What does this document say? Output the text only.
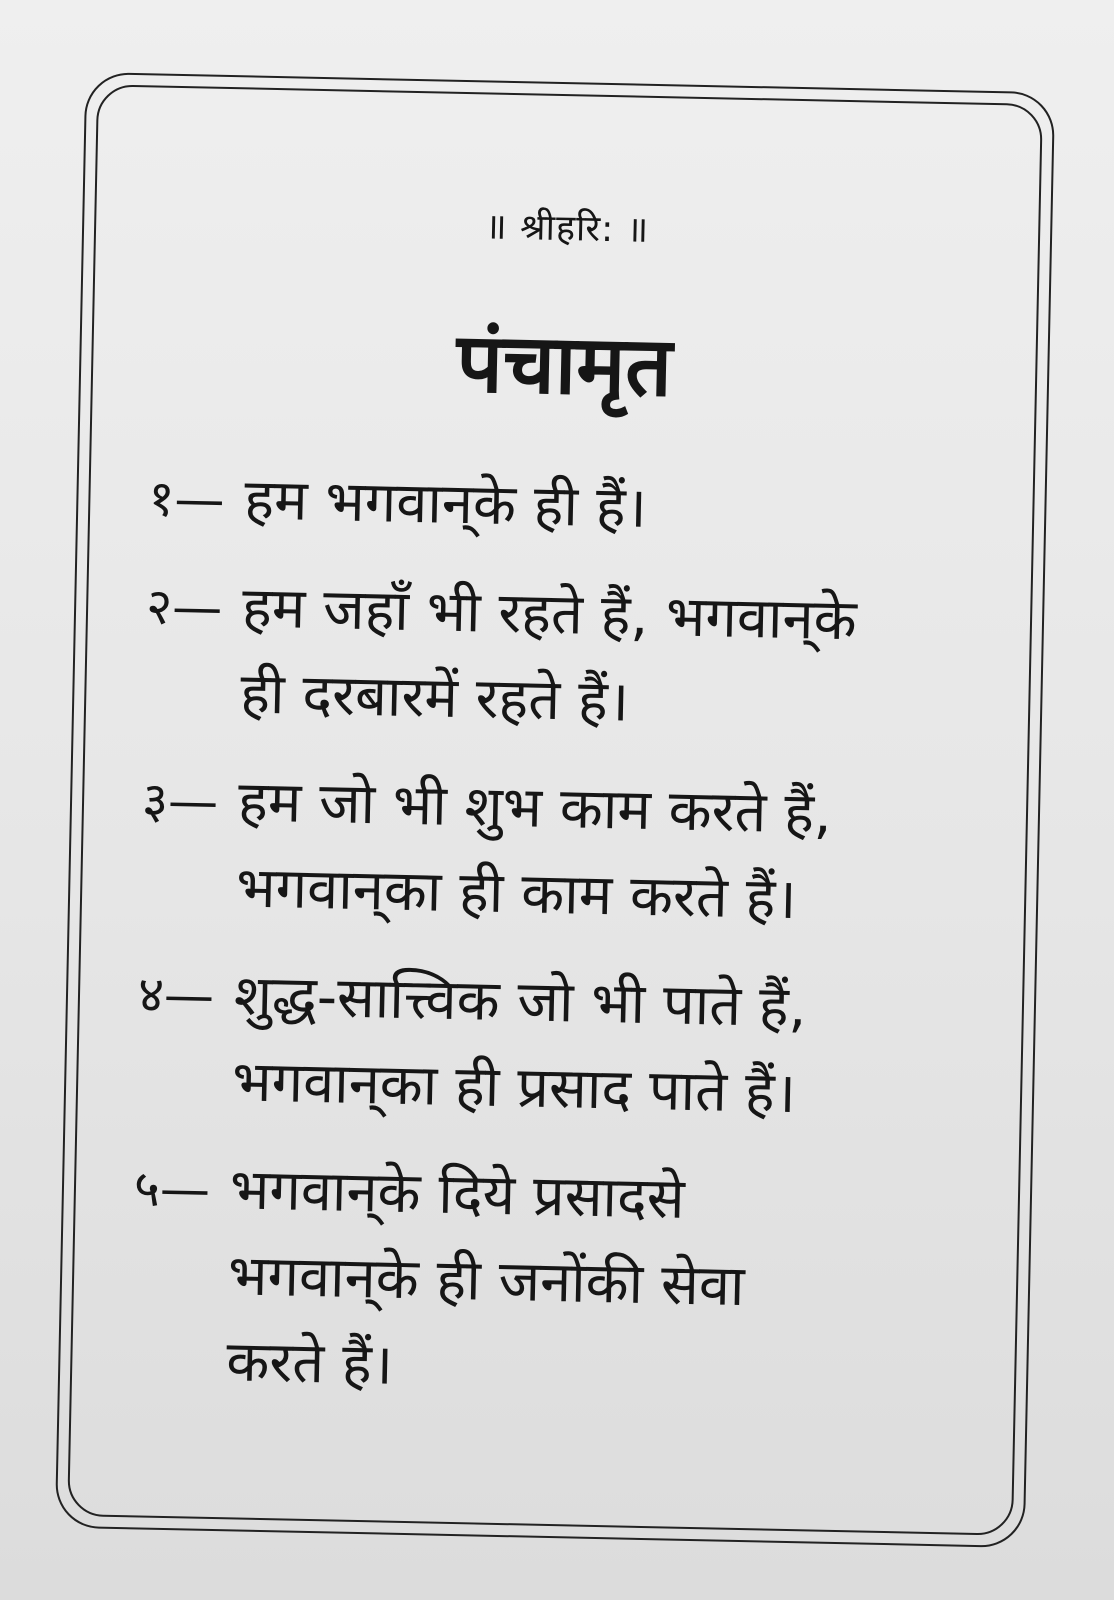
॥ श्रीहरि: ॥
पंचामृत
१— हम भगवान्‌के ही हैं।
२— हम जहाँ भी रहते हैं, भगवान्‌के
ही दरबारमें रहते हैं।
३— हम जो भी शुभ काम करते हैं,
भगवान्‌का ही काम करते हैं।
४— शुद्ध-सात्त्विक जो भी पाते हैं,
भगवान्‌का ही प्रसाद पाते हैं।
५— भगवान्‌के दिये प्रसादसे
भगवान्‌के ही जनोंकी सेवा
करते हैं।
